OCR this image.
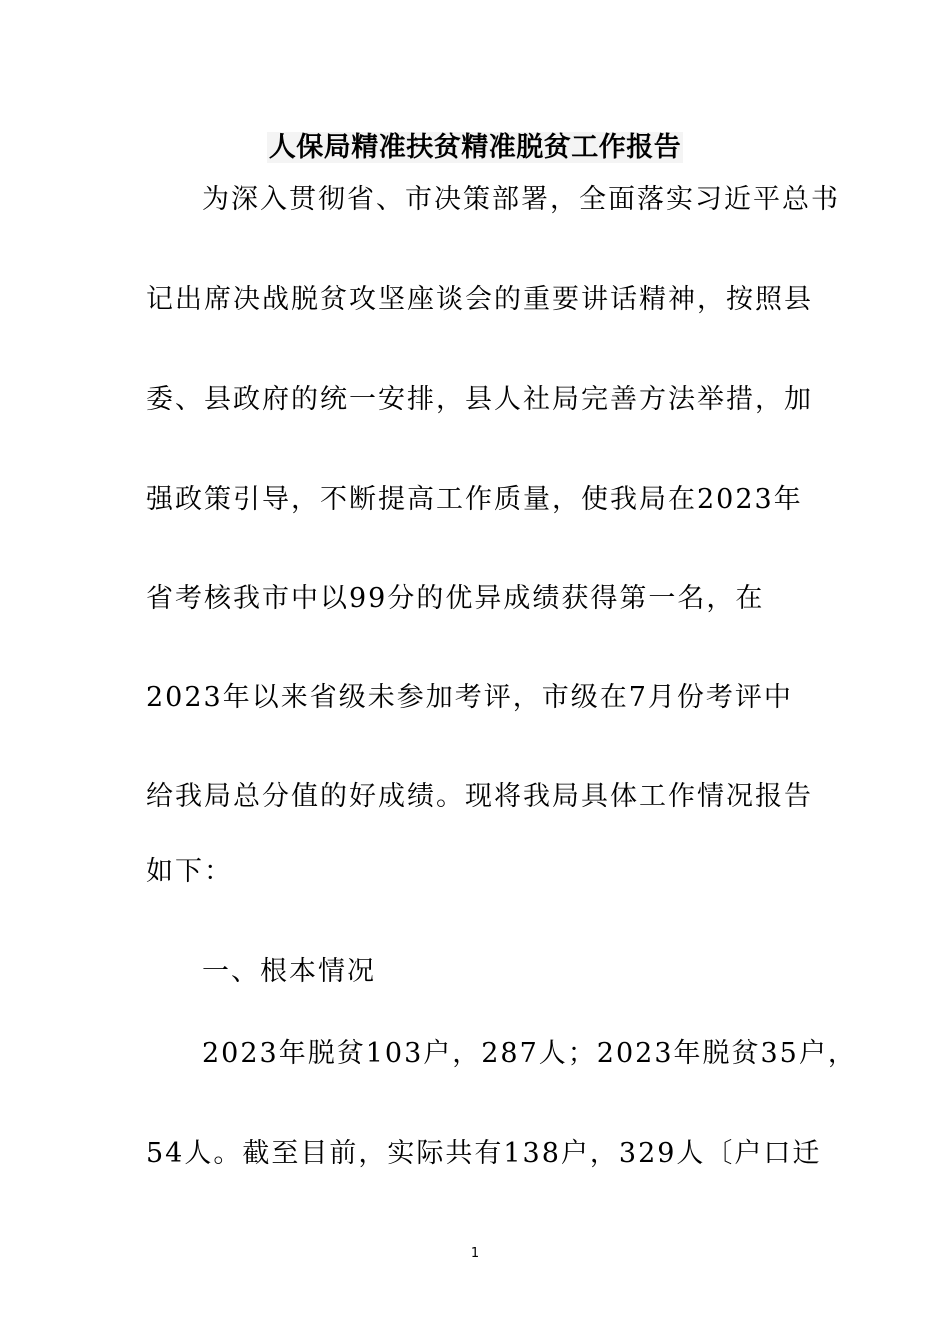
人保局精准扶贫精准脱贫工作报告
为深入贯彻省、市决策部署，全面落实习近平总书
记出席决战脱贫攻坚座谈会的重要讲话精神，按照县
委、县政府的统一安排，县人社局完善方法举措，加
强政策引导，不断提高工作质量，使我局在2023年
省考核我市中以99分的优异成绩获得第一名，在
2023年以来省级未参加考评，市级在7月份考评中
给我局总分值的好成绩。现将我局具体工作情况报告
如下：
一、根本情况
2023年脱贫103户，287人；2023年脱贫35户，
54人。截至目前，实际共有138户，329人〔户口迁
1
